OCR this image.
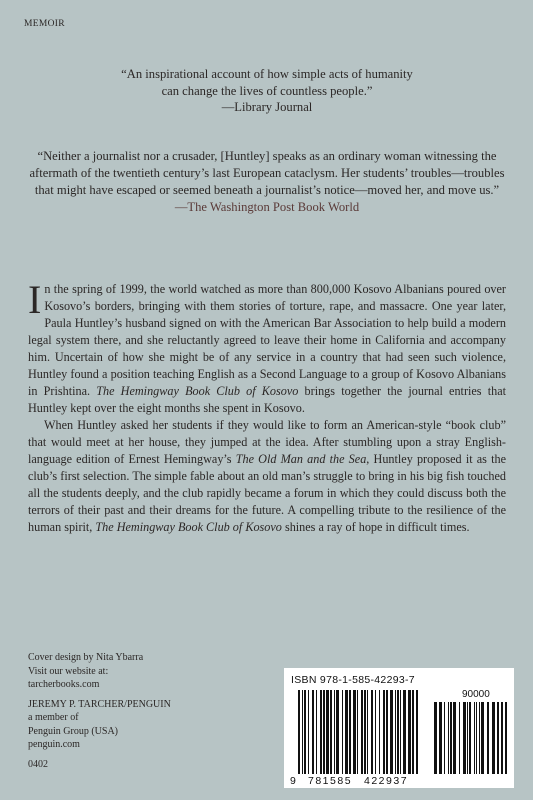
MEMOIR
“An inspirational account of how simple acts of humanity
can change the lives of countless people.”
—Library Journal
“Neither a journalist nor a crusader, [Huntley] speaks as an ordinary woman witnessing the aftermath of the twentieth century’s last European cataclysm. Her students’ troubles—troubles that might have escaped or seemed beneath a journalist’s notice—moved her, and move us.”
—The Washington Post Book World

In the spring of 1999, the world watched as more than 800,000 Kosovo Albanians poured over Kosovo’s borders, bringing with them stories of torture, rape, and massacre. One year later, Paula Huntley’s husband signed on with the American Bar Association to help build a modern legal system there, and she reluctantly agreed to leave their home in California and accompany him. Uncertain of how she might be of any service in a country that had seen such violence, Huntley found a position teaching English as a Second Language to a group of Kosovo Albanians in Prishtina. The Hemingway Book Club of Kosovo brings together the journal entries that Huntley kept over the eight months she spent in Kosovo.

When Huntley asked her students if they would like to form an American-style “book club” that would meet at her house, they jumped at the idea. After stumbling upon a stray English-language edition of Ernest Hemingway’s The Old Man and the Sea, Huntley proposed it as the club’s first selection. The simple fable about an old man’s struggle to bring in his big fish touched all the students deeply, and the club rapidly became a forum in which they could discuss both the terrors of their past and their dreams for the future. A compelling tribute to the resilience of the human spirit, The Hemingway Book Club of Kosovo shines a ray of hope in difficult times.

Cover design by Nita Ybarra
Visit our website at:
tarcherbooks.com
JEREMY P. TARCHER/PENGUIN
a member of
Penguin Group (USA)
penguin.com
0402
ISBN 978-1-585-42293-7
90000
9 781585 422937
